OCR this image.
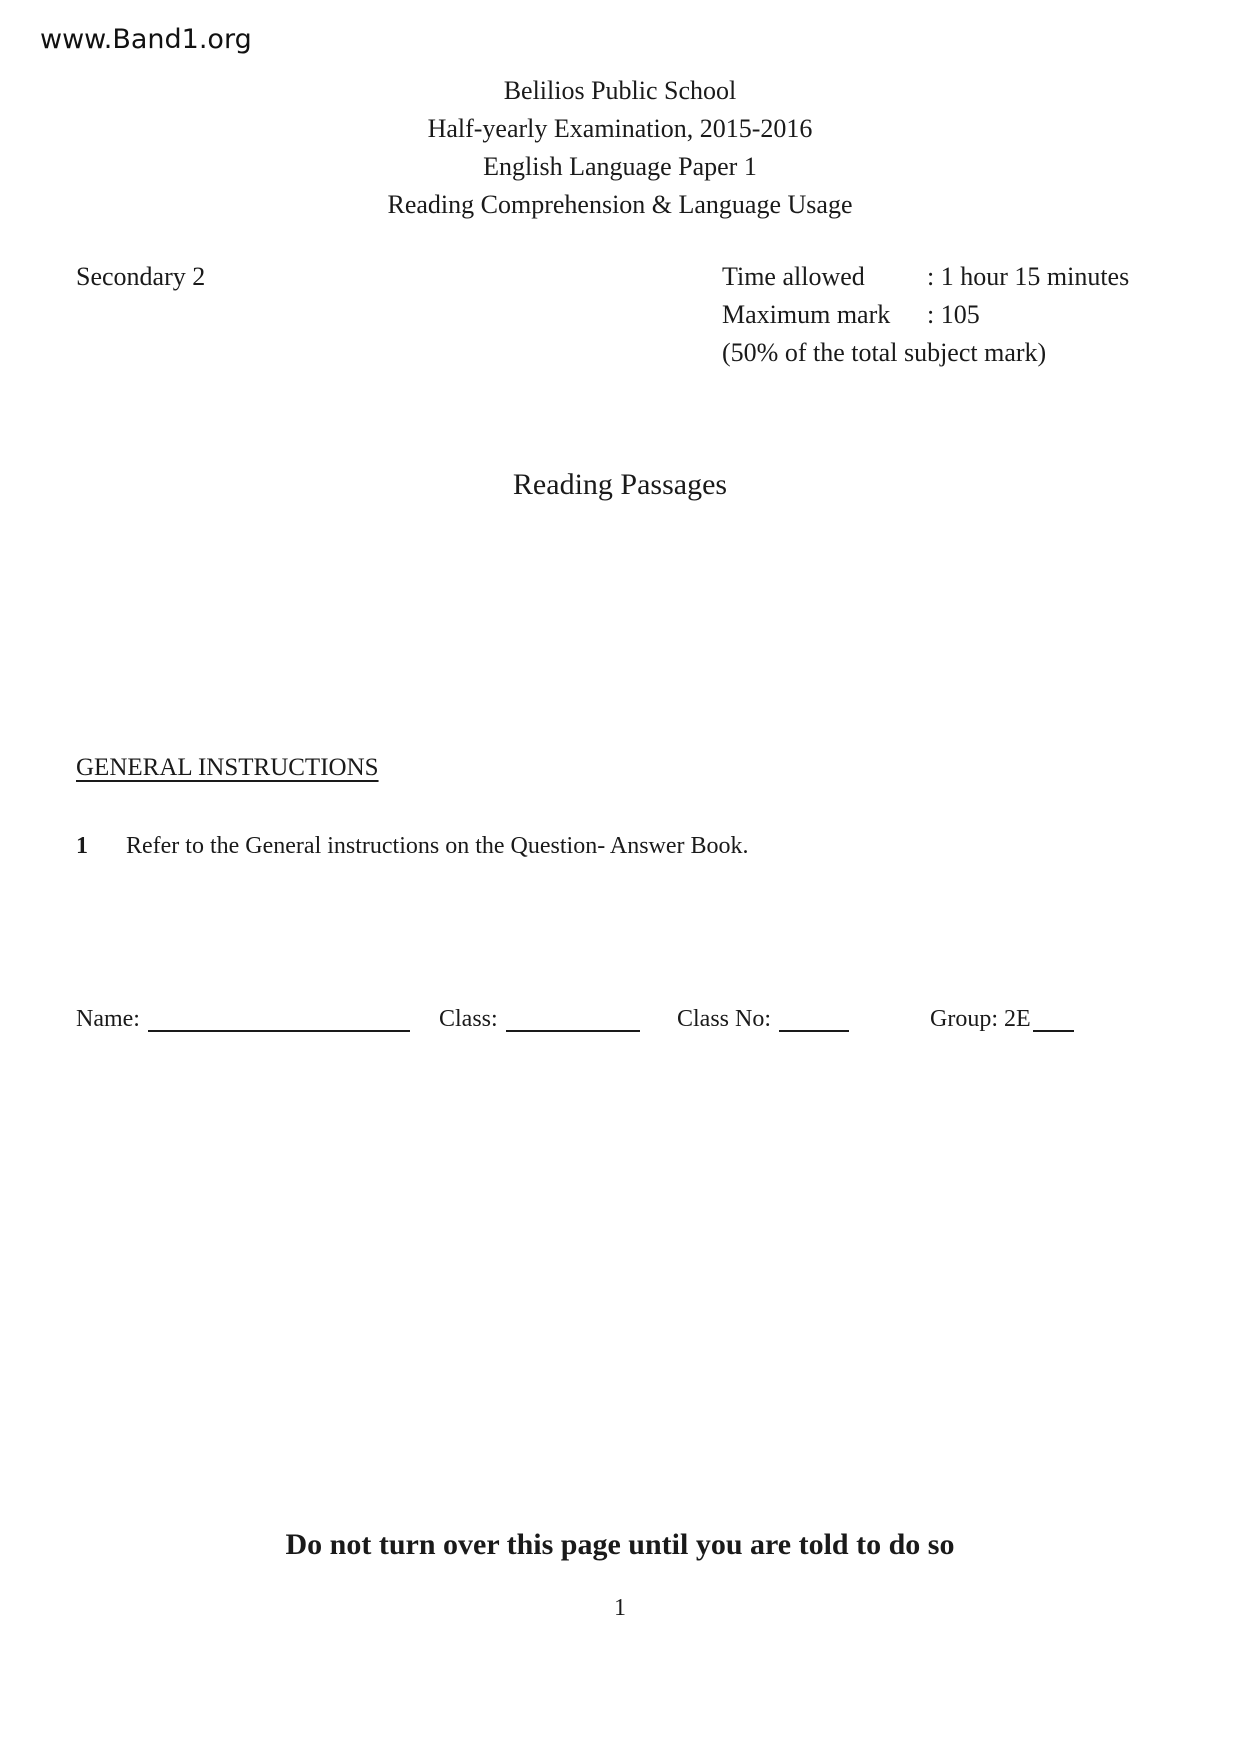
www.Band1.org
Belilios Public School
Half-yearly Examination, 2015-2016
English Language Paper 1
Reading Comprehension & Language Usage
Secondary 2	Time allowed	: 1 hour 15 minutes
Maximum mark	: 105
(50% of the total subject mark)
Reading Passages
GENERAL INSTRUCTIONS
1 Refer to the General instructions on the Question- Answer Book.
Name:	Class:	Class No:	Group: 2E
Do not turn over this page until you are told to do so
1
